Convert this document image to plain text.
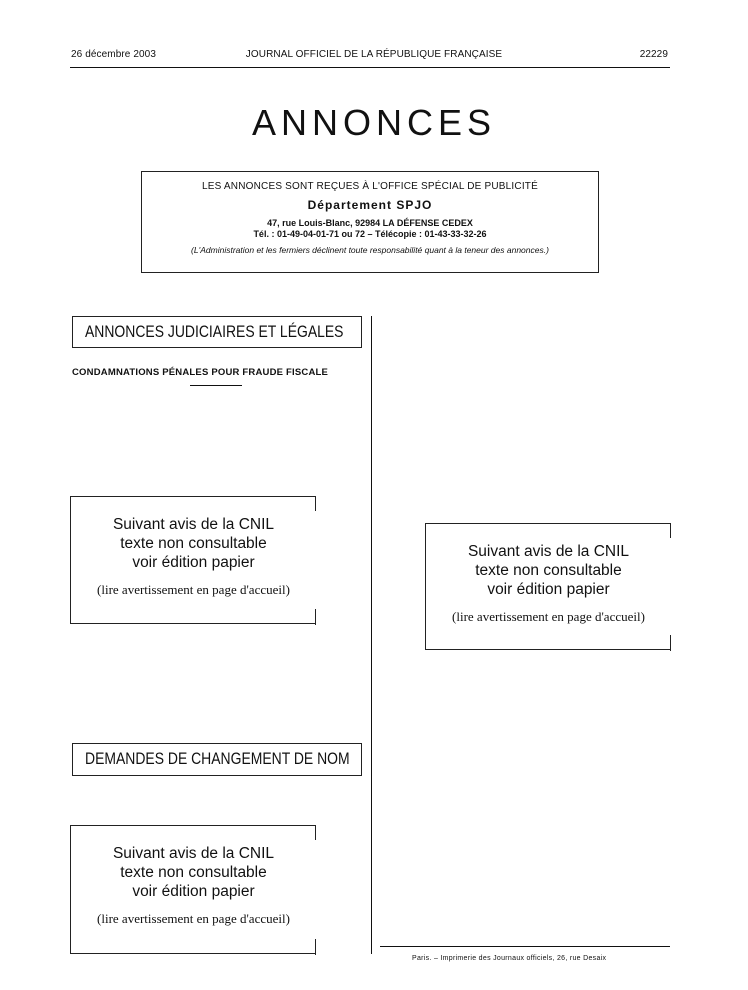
26 décembre 2003	JOURNAL OFFICIEL DE LA RÉPUBLIQUE FRANÇAISE	22229
ANNONCES
LES ANNONCES SONT REÇUES À L'OFFICE SPÉCIAL DE PUBLICITÉ
Département SPJO
47, rue Louis-Blanc, 92984 LA DÉFENSE CEDEX
Tél. : 01-49-04-01-71 ou 72 – Télécopie : 01-43-33-32-26
(L'Administration et les fermiers déclinent toute responsabilité quant à la teneur des annonces.)
ANNONCES JUDICIAIRES ET LÉGALES
CONDAMNATIONS PÉNALES POUR FRAUDE FISCALE
Suivant avis de la CNIL
texte non consultable
voir édition papier
(lire avertissement en page d'accueil)
Suivant avis de la CNIL
texte non consultable
voir édition papier
(lire avertissement en page d'accueil)
DEMANDES DE CHANGEMENT DE NOM
Suivant avis de la CNIL
texte non consultable
voir édition papier
(lire avertissement en page d'accueil)
Paris. – Imprimerie des Journaux officiels, 26, rue Desaix
